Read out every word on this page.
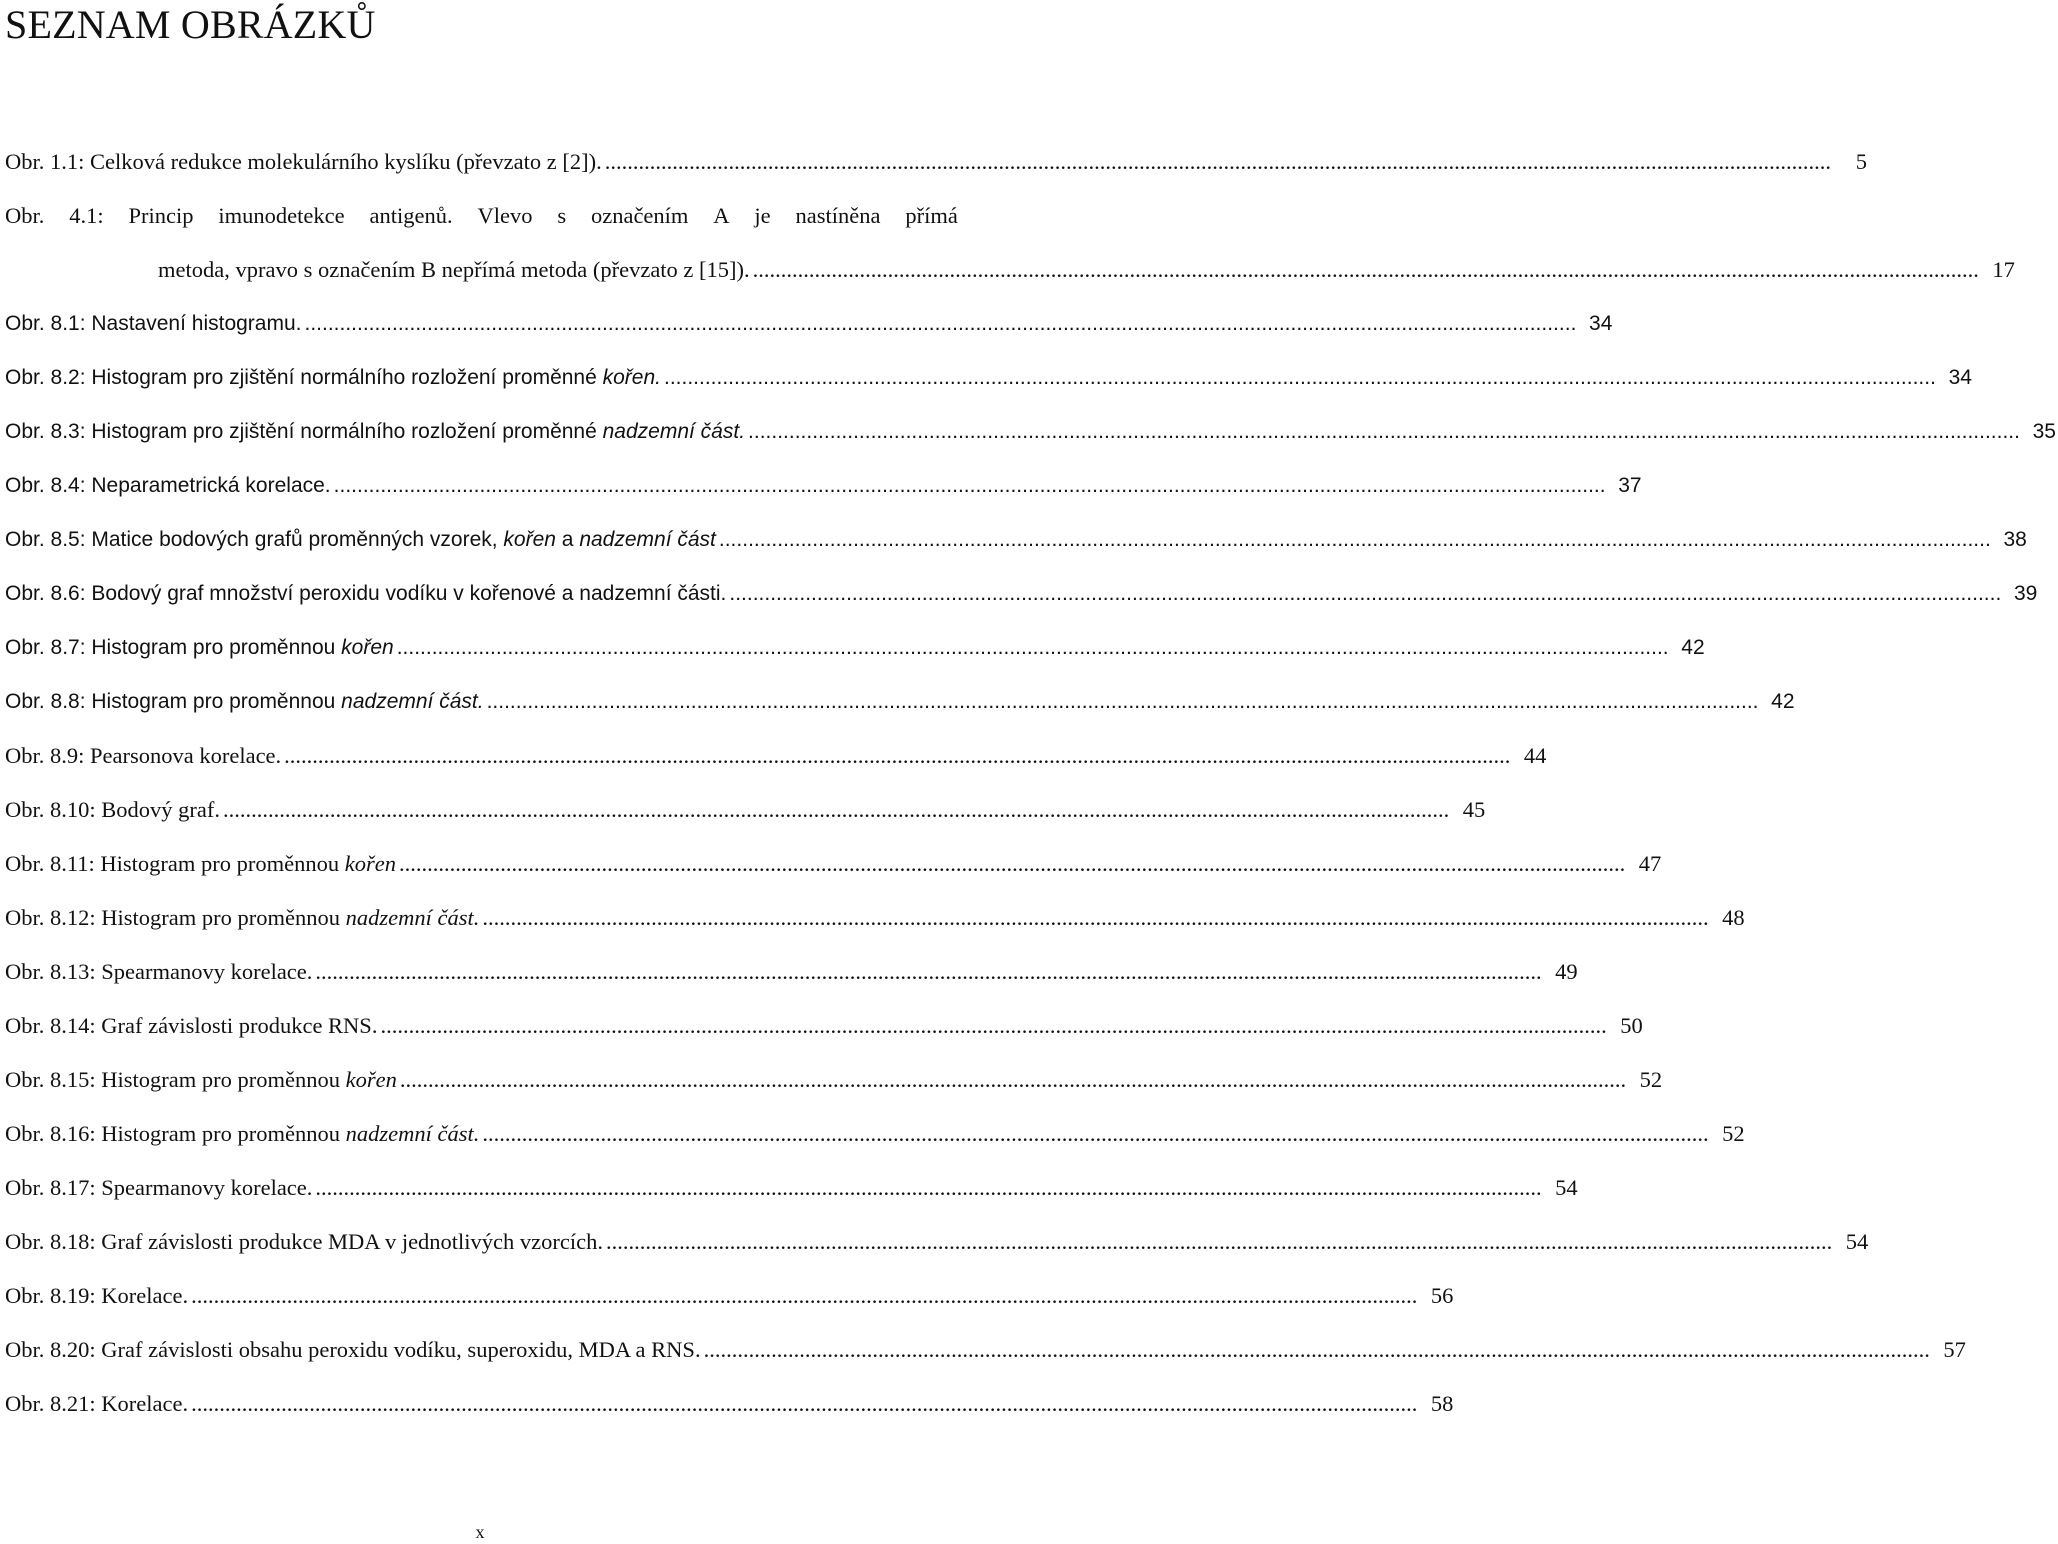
SEZNAM OBRÁZKŮ
Obr. 1.1: Celková redukce molekulárního kyslíku (převzato z [2]). ..........................................................................................................................................................................................................................	5
Obr. 4.1: Princip imunodetekce antigenů. Vlevo s označením A je nastíněna přímá
metoda, vpravo s označením B nepřímá metoda (převzato z [15]). .......................................................................................................................................................................................................................... 17
Obr. 8.1: Nastavení histogramu. .......................................................................................................................................................................................................................... 34
Obr. 8.2: Histogram pro zjištění normálního rozložení proměnné kořen. .......................................................................................................................................................................................................................... 34
Obr. 8.3: Histogram pro zjištění normálního rozložení proměnné nadzemní část. .......................................................................................................................................................................................................................... 35
Obr. 8.4: Neparametrická korelace. .......................................................................................................................................................................................................................... 37
Obr. 8.5: Matice bodových grafů proměnných vzorek, kořen a nadzemní část .......................................................................................................................................................................................................................... 38
Obr. 8.6: Bodový graf množství peroxidu vodíku v kořenové a nadzemní části. .......................................................................................................................................................................................................................... 39
Obr. 8.7: Histogram pro proměnnou kořen .......................................................................................................................................................................................................................... 42
Obr. 8.8: Histogram pro proměnnou nadzemní část. .......................................................................................................................................................................................................................... 42
Obr. 8.9: Pearsonova korelace. .......................................................................................................................................................................................................................... 44
Obr. 8.10: Bodový graf. .......................................................................................................................................................................................................................... 45
Obr. 8.11: Histogram pro proměnnou kořen .......................................................................................................................................................................................................................... 47
Obr. 8.12: Histogram pro proměnnou nadzemní část. .......................................................................................................................................................................................................................... 48
Obr. 8.13: Spearmanovy korelace. .......................................................................................................................................................................................................................... 49
Obr. 8.14: Graf závislosti produkce RNS. .......................................................................................................................................................................................................................... 50
Obr. 8.15: Histogram pro proměnnou kořen .......................................................................................................................................................................................................................... 52
Obr. 8.16: Histogram pro proměnnou nadzemní část. .......................................................................................................................................................................................................................... 52
Obr. 8.17: Spearmanovy korelace. .......................................................................................................................................................................................................................... 54
Obr. 8.18: Graf závislosti produkce MDA v jednotlivých vzorcích. .......................................................................................................................................................................................................................... 54
Obr. 8.19: Korelace. .......................................................................................................................................................................................................................... 56
Obr. 8.20: Graf závislosti obsahu peroxidu vodíku, superoxidu, MDA a RNS. .......................................................................................................................................................................................................................... 57
Obr. 8.21: Korelace. .......................................................................................................................................................................................................................... 58
x
